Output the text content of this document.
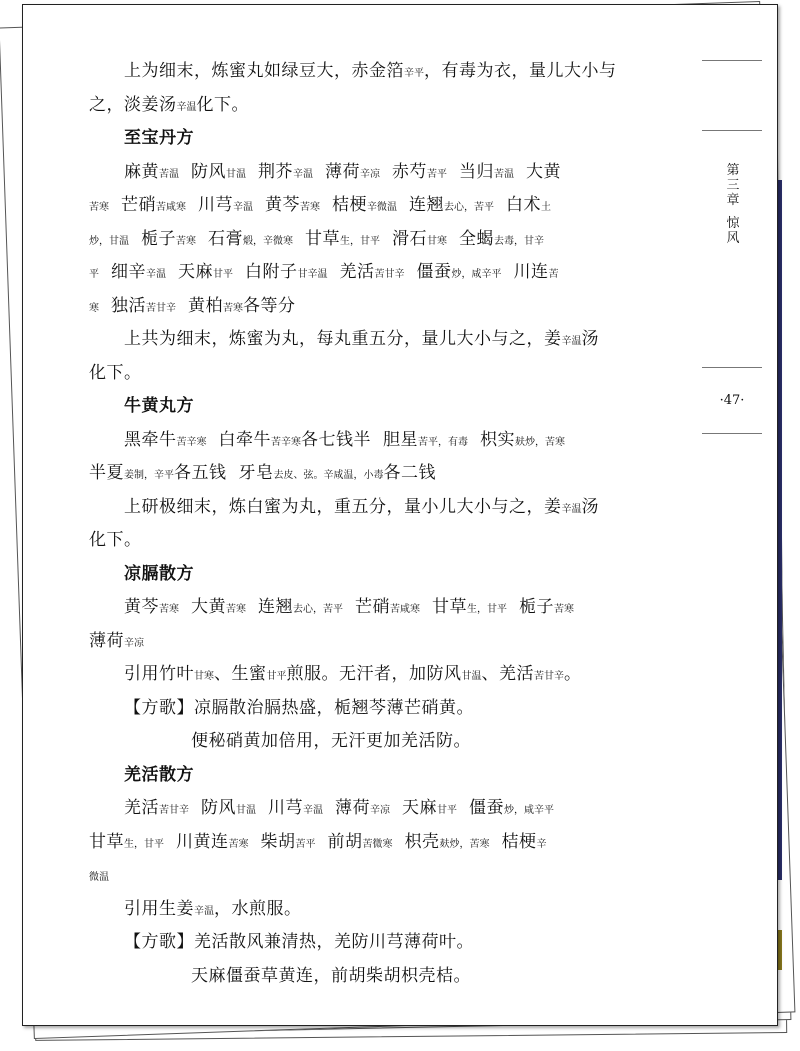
上为细末，炼蜜丸如绿豆大，赤金箔辛平，有毒为衣，量儿大小与
之，淡姜汤辛温化下。
至宝丹方
麻黄苦温 防风甘温 荆芥辛温 薄荷辛凉 赤芍苦平 当归苦温 大黄
苦寒 芒硝苦咸寒 川芎辛温 黄芩苦寒 桔梗辛微温 连翘去心，苦平 白术土
炒，甘温 栀子苦寒 石膏煅，辛微寒 甘草生，甘平 滑石甘寒 全蝎去毒，甘辛
平 细辛辛温 天麻甘平 白附子甘辛温 羌活苦甘辛 僵蚕炒，咸辛平 川连苦
寒 独活苦甘辛 黄柏苦寒各等分
上共为细末，炼蜜为丸，每丸重五分，量儿大小与之，姜辛温汤
化下。
牛黄丸方
黑牵牛苦辛寒 白牵牛苦辛寒各七钱半 胆星苦平，有毒 枳实麸炒，苦寒
半夏姜制，辛平各五钱 牙皂去皮、弦。辛咸温，小毒各二钱
上研极细末，炼白蜜为丸，重五分，量小儿大小与之，姜辛温汤
化下。
凉膈散方
黄芩苦寒 大黄苦寒 连翘去心，苦平 芒硝苦咸寒 甘草生，甘平 栀子苦寒
薄荷辛凉
引用竹叶甘寒、生蜜甘平煎服。无汗者，加防风甘温、羌活苦甘辛。
【方歌】凉膈散治膈热盛，栀翘芩薄芒硝黄。
便秘硝黄加倍用，无汗更加羌活防。
羌活散方
羌活苦甘辛 防风甘温 川芎辛温 薄荷辛凉 天麻甘平 僵蚕炒，咸辛平
甘草生，甘平 川黄连苦寒 柴胡苦平 前胡苦微寒 枳壳麸炒，苦寒 桔梗辛
微温
引用生姜辛温，水煎服。
【方歌】羌活散风兼清热，羌防川芎薄荷叶。
天麻僵蚕草黄连，前胡柴胡枳壳桔。
第
三
章
惊
风
·47·
